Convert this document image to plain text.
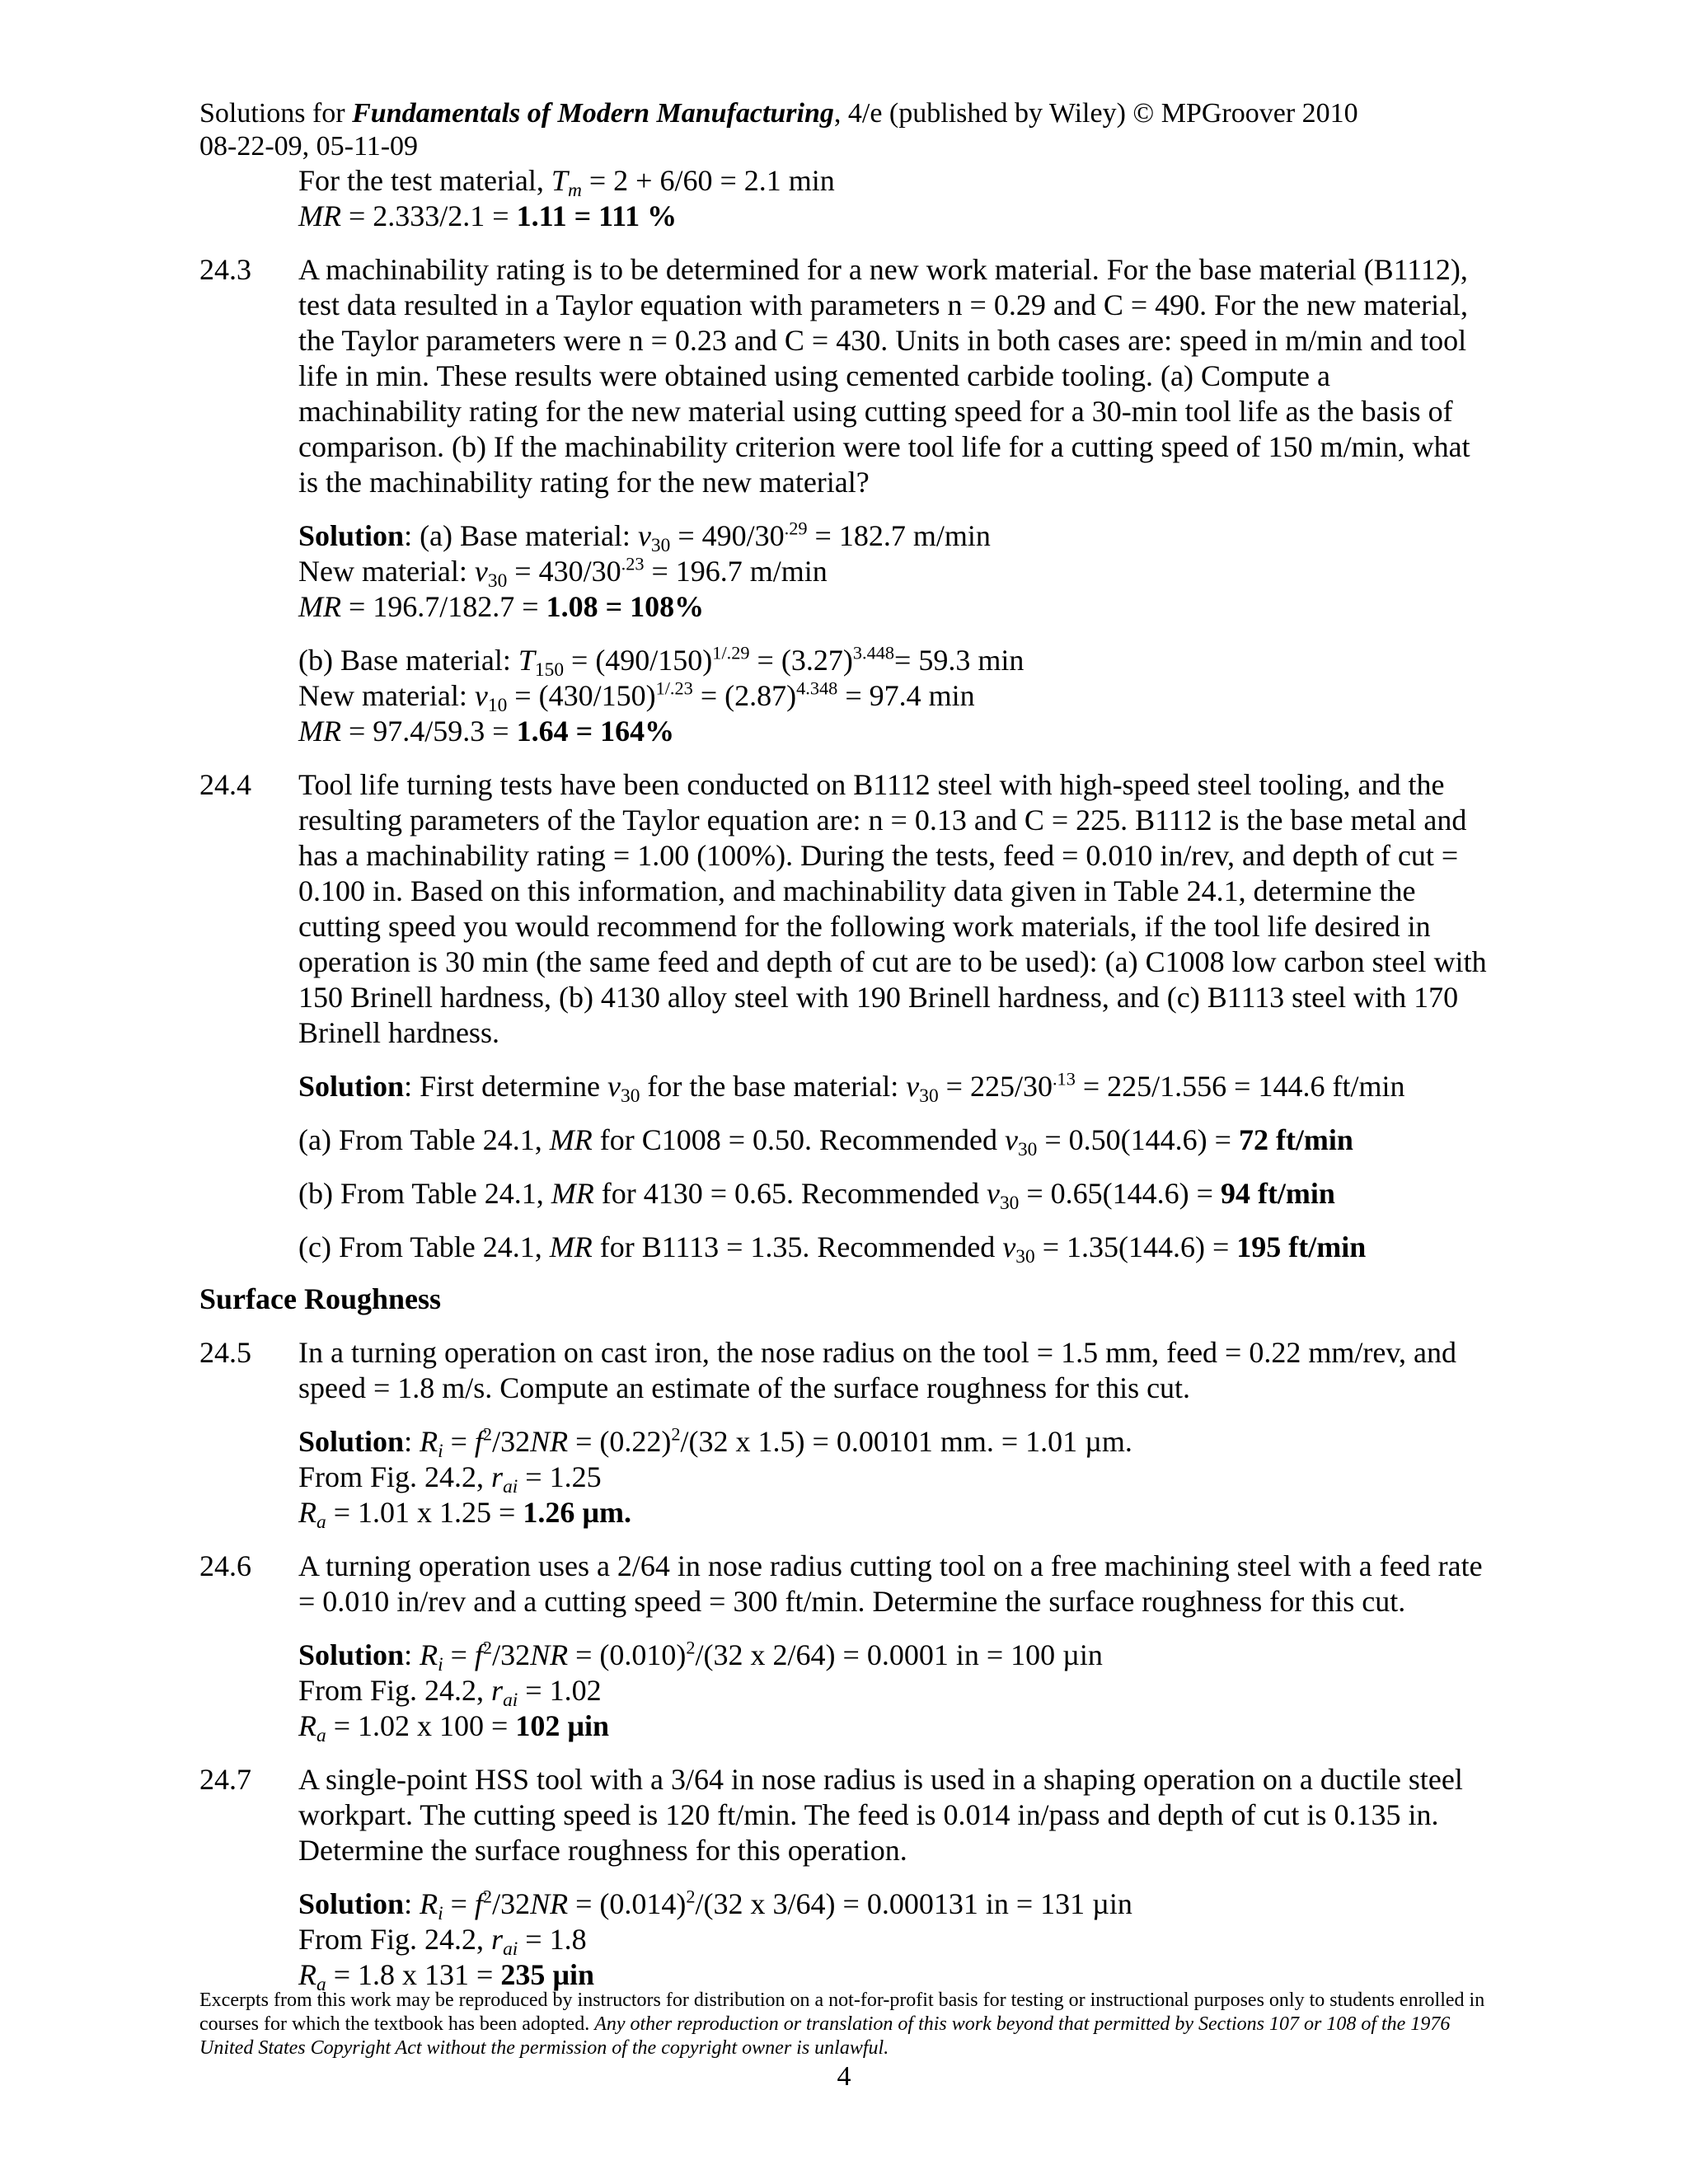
Solutions for Fundamentals of Modern Manufacturing, 4/e (published by Wiley) © MPGroover 2010
08-22-09, 05-11-09
For the test material, $T_m = 2 + 6/60 = 2.1$ min
MR = 2.333/2.1 = 1.11 = 111 %
24.3 A machinability rating is to be determined for a new work material. For the base material (B1112), test data resulted in a Taylor equation with parameters n = 0.29 and C = 490. For the new material, the Taylor parameters were n = 0.23 and C = 430. Units in both cases are: speed in m/min and tool life in min. These results were obtained using cemented carbide tooling. (a) Compute a machinability rating for the new material using cutting speed for a 30-min tool life as the basis of comparison. (b) If the machinability criterion were tool life for a cutting speed of 150 m/min, what is the machinability rating for the new material?

Solution: (a) Base material: $v_{30} = 490/30^{.29} = 182.7$ m/min
New material: $v_{30} = 430/30^{.23} = 196.7$ m/min
MR = 196.7/182.7 = 1.08 = 108%
(b) Base material: $T_{150} = (490/150)^{1/.29} = (3.27)^{3.448}= 59.3$ min
New material: $v_{10} = (430/150)^{1/.23} = (2.87)^{4.348} = 97.4$ min
MR = 97.4/59.3 = 1.64 = 164%
24.4 Tool life turning tests have been conducted on B1112 steel with high-speed steel tooling, and the resulting parameters of the Taylor equation are: n = 0.13 and C = 225. B1112 is the base metal and has a machinability rating = 1.00 (100%). During the tests, feed = 0.010 in/rev, and depth of cut = 0.100 in. Based on this information, and machinability data given in Table 24.1, determine the cutting speed you would recommend for the following work materials, if the tool life desired in operation is 30 min (the same feed and depth of cut are to be used): (a) C1008 low carbon steel with 150 Brinell hardness, (b) 4130 alloy steel with 190 Brinell hardness, and (c) B1113 steel with 170 Brinell hardness.

Solution: First determine $v_{30}$ for the base material: $v_{30} = 225/30^{.13} = 225/1.556 = 144.6$ ft/min
(a) From Table 24.1, MR for C1008 = 0.50. Recommended $v_{30} = 0.50(144.6) = 72$ ft/min
(b) From Table 24.1, MR for 4130 = 0.65. Recommended $v_{30} = 0.65(144.6) = 94$ ft/min
(c) From Table 24.1, MR for B1113 = 1.35. Recommended $v_{30} = 1.35(144.6) = 195$ ft/min
Surface Roughness
24.5 In a turning operation on cast iron, the nose radius on the tool = 1.5 mm, feed = 0.22 mm/rev, and speed = 1.8 m/s. Compute an estimate of the surface roughness for this cut.

Solution: $R_i = f^2/32NR = (0.22)^2/(32$ x 1.5) = 0.00101 mm. = 1.01 µm.
From Fig. 24.2, $r_{ai} = 1.25$
$R_a = 1.01$ x 1.25 = 1.26 µm.
24.6 A turning operation uses a 2/64 in nose radius cutting tool on a free machining steel with a feed rate = 0.010 in/rev and a cutting speed = 300 ft/min. Determine the surface roughness for this cut.

Solution: $R_i = f^2/32NR = (0.010)^2/(32$ x 2/64) = 0.0001 in = 100 µin
From Fig. 24.2, $r_{ai} = 1.02$
$R_a = 1.02$ x 100 = 102 µin
24.7 A single-point HSS tool with a 3/64 in nose radius is used in a shaping operation on a ductile steel workpart. The cutting speed is 120 ft/min. The feed is 0.014 in/pass and depth of cut is 0.135 in. Determine the surface roughness for this operation.

Solution: $R_i = f^2/32NR = (0.014)^2/(32$ x 3/64) = 0.000131 in = 131 µin
From Fig. 24.2, $r_{ai} = 1.8$
$R_a = 1.8$ x 131 = 235 µin
Excerpts from this work may be reproduced by instructors for distribution on a not-for-profit basis for testing or instructional purposes only to students enrolled in courses for which the textbook has been adopted. Any other reproduction or translation of this work beyond that permitted by Sections 107 or 108 of the 1976 United States Copyright Act without the permission of the copyright owner is unlawful.
4
